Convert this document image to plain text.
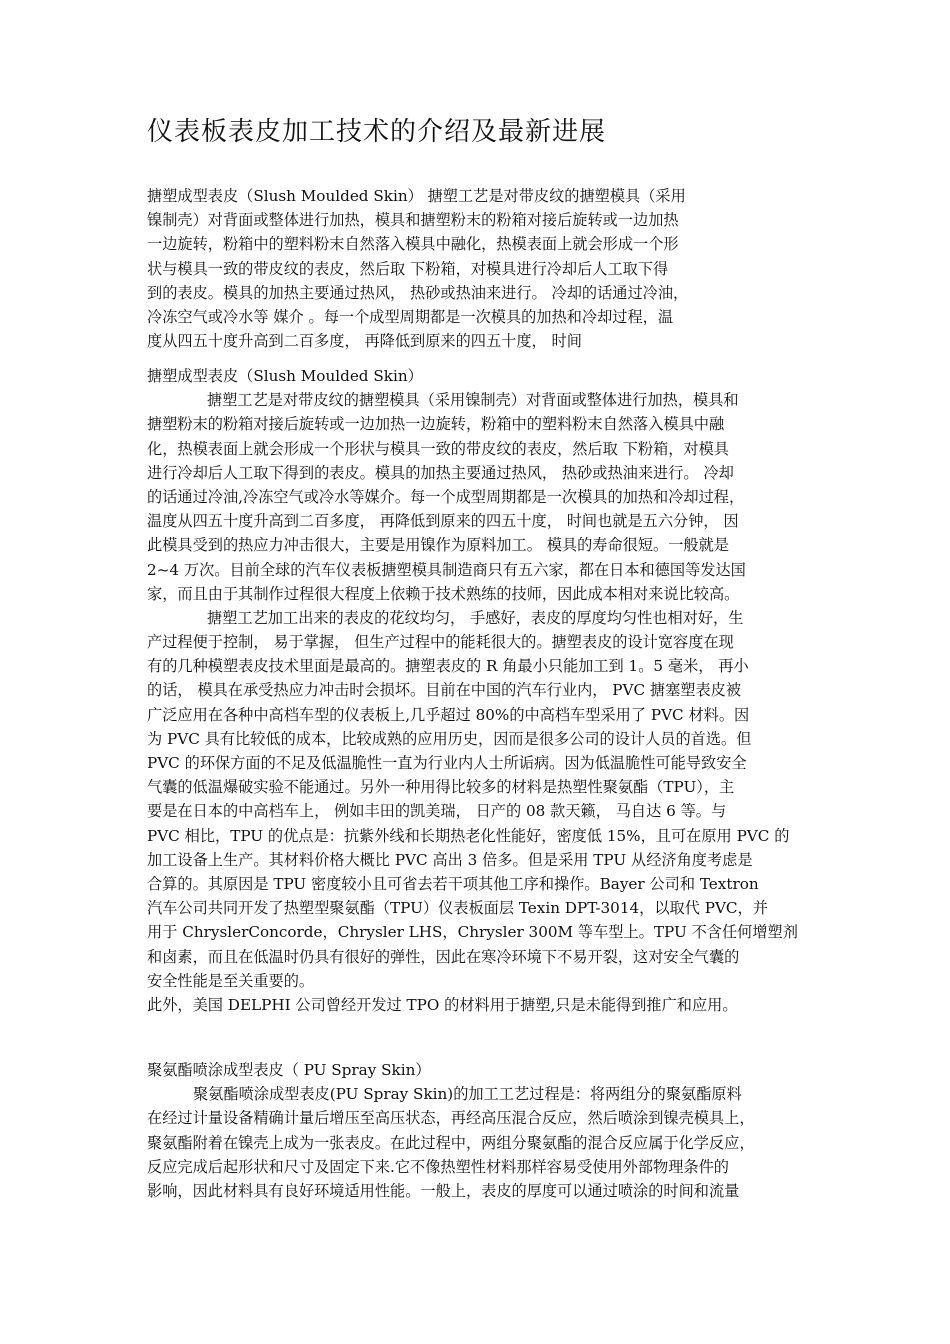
仪表板表皮加工技术的介绍及最新进展
搪塑成型表皮（Slush Moulded Skin） 搪塑工艺是对带皮纹的搪塑模具（采用
镍制壳）对背面或整体进行加热，模具和搪塑粉末的粉箱对接后旋转或一边加热
一边旋转，粉箱中的塑料粉末自然落入模具中融化，热模表面上就会形成一个形
状与模具一致的带皮纹的表皮，然后取 下粉箱，对模具进行冷却后人工取下得
到的表皮。模具的加热主要通过热风， 热砂或热油来进行。 冷却的话通过冷油，
冷冻空气或冷水等 媒介 。每一个成型周期都是一次模具的加热和冷却过程，温
度从四五十度升高到二百多度， 再降低到原来的四五十度， 时间
搪塑成型表皮（Slush Moulded Skin）
搪塑工艺是对带皮纹的搪塑模具（采用镍制壳）对背面或整体进行加热，模具和
搪塑粉末的粉箱对接后旋转或一边加热一边旋转，粉箱中的塑料粉末自然落入模具中融
化，热模表面上就会形成一个形状与模具一致的带皮纹的表皮，然后取 下粉箱，对模具
进行冷却后人工取下得到的表皮。模具的加热主要通过热风， 热砂或热油来进行。 冷却
的话通过冷油,冷冻空气或冷水等媒介。每一个成型周期都是一次模具的加热和冷却过程，
温度从四五十度升高到二百多度， 再降低到原来的四五十度， 时间也就是五六分钟， 因
此模具受到的热应力冲击很大，主要是用镍作为原料加工。 模具的寿命很短。一般就是
2~4 万次。目前全球的汽车仪表板搪塑模具制造商只有五六家，都在日本和德国等发达国
家，而且由于其制作过程很大程度上依赖于技术熟练的技师，因此成本相对来说比较高。
搪塑工艺加工出来的表皮的花纹均匀， 手感好，表皮的厚度均匀性也相对好，生
产过程便于控制， 易于掌握， 但生产过程中的能耗很大的。搪塑表皮的设计宽容度在现
有的几种模塑表皮技术里面是最高的。搪塑表皮的 R 角最小只能加工到 1。5 毫米， 再小
的话， 模具在承受热应力冲击时会损坏。目前在中国的汽车行业内， PVC 搪塞塑表皮被
广泛应用在各种中高档车型的仪表板上,几乎超过 80%的中高档车型采用了 PVC 材料。因
为 PVC 具有比较低的成本，比较成熟的应用历史，因而是很多公司的设计人员的首选。但
PVC 的环保方面的不足及低温脆性一直为行业内人士所诟病。因为低温脆性可能导致安全
气囊的低温爆破实验不能通过。另外一种用得比较多的材料是热塑性聚氨酯（TPU），主
要是在日本的中高档车上， 例如丰田的凯美瑞， 日产的 08 款天籁， 马自达 6 等。与
PVC 相比，TPU 的优点是：抗紫外线和长期热老化性能好，密度低 15%，且可在原用 PVC 的
加工设备上生产。其材料价格大概比 PVC 高出 3 倍多。但是采用 TPU 从经济角度考虑是
合算的。其原因是 TPU 密度较小且可省去若干项其他工序和操作。Bayer 公司和 Textron
汽车公司共同开发了热塑型聚氨酯（TPU）仪表板面层 Texin DPT-3014，以取代 PVC，并
用于 ChryslerConcorde，Chrysler LHS，Chrysler 300M 等车型上。TPU 不含任何增塑剂
和卤素，而且在低温时仍具有很好的弹性，因此在寒冷环境下不易开裂，这对安全气囊的
安全性能是至关重要的。
此外，美国 DELPHI 公司曾经开发过 TPO 的材料用于搪塑,只是未能得到推广和应用。
聚氨酯喷涂成型表皮（ PU Spray Skin）
聚氨酯喷涂成型表皮(PU Spray Skin)的加工工艺过程是：将两组分的聚氨酯原料
在经过计量设备精确计量后增压至高压状态，再经高压混合反应，然后喷涂到镍壳模具上，
聚氨酯附着在镍壳上成为一张表皮。在此过程中，两组分聚氨酯的混合反应属于化学反应，
反应完成后起形状和尺寸及固定下来.它不像热塑性材料那样容易受使用外部物理条件的
影响，因此材料具有良好环境适用性能。一般上，表皮的厚度可以通过喷涂的时间和流量
